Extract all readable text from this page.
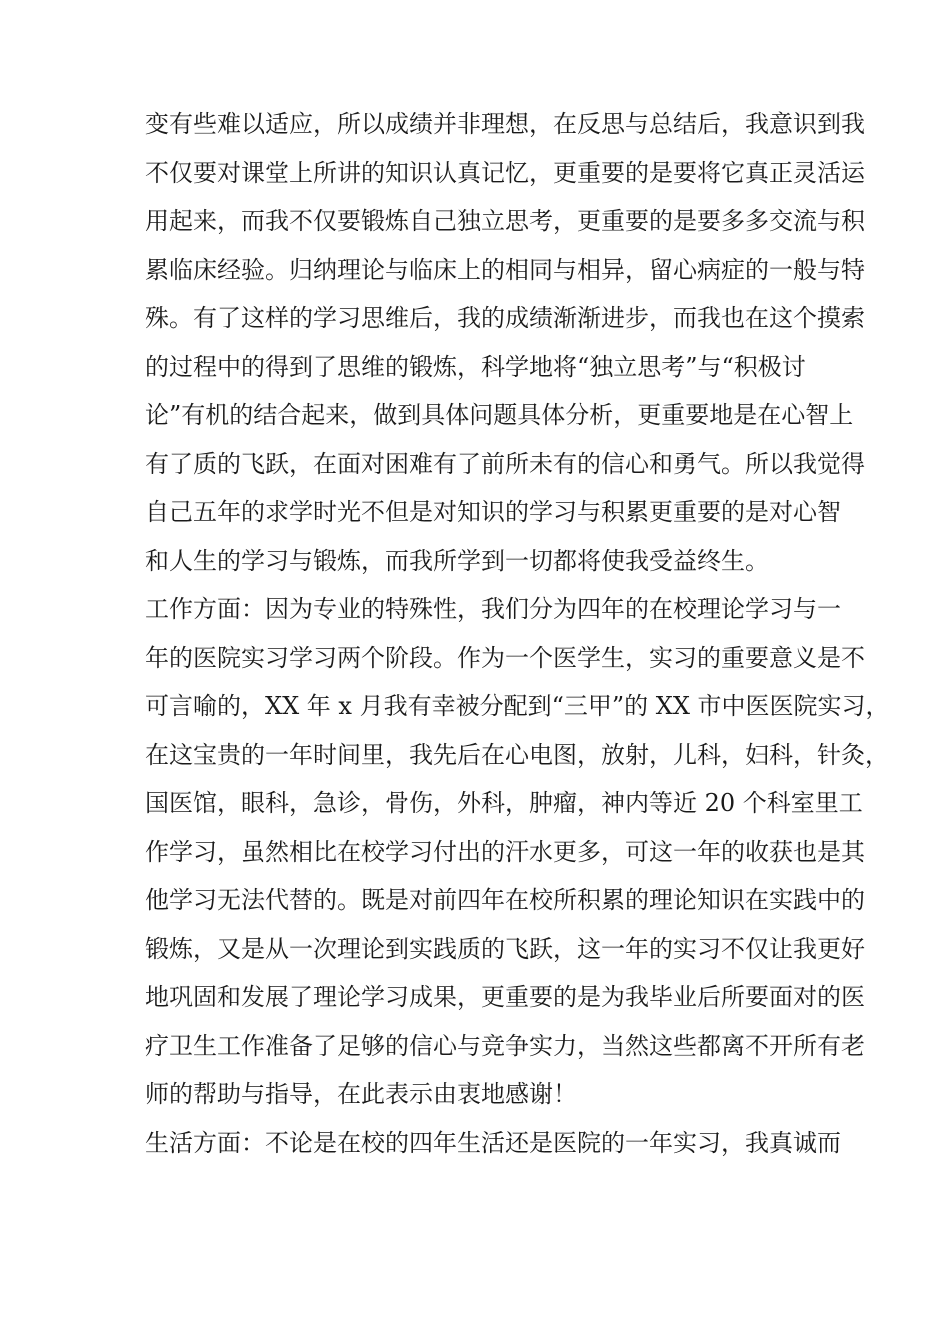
变有些难以适应，所以成绩并非理想，在反思与总结后，我意识到我
不仅要对课堂上所讲的知识认真记忆，更重要的是要将它真正灵活运
用起来，而我不仅要锻炼自己独立思考，更重要的是要多多交流与积
累临床经验。归纳理论与临床上的相同与相异，留心病症的一般与特
殊。有了这样的学习思维后，我的成绩渐渐进步，而我也在这个摸索
的过程中的得到了思维的锻炼，科学地将“独立思考”与“积极讨
论”有机的结合起来，做到具体问题具体分析，更重要地是在心智上
有了质的飞跃，在面对困难有了前所未有的信心和勇气。所以我觉得
自己五年的求学时光不但是对知识的学习与积累更重要的是对心智
和人生的学习与锻炼，而我所学到一切都将使我受益终生。
工作方面：因为专业的特殊性，我们分为四年的在校理论学习与一
年的医院实习学习两个阶段。作为一个医学生，实习的重要意义是不
可言喻的，XX 年 x 月我有幸被分配到“三甲”的 XX 市中医医院实习，
在这宝贵的一年时间里，我先后在心电图，放射，儿科，妇科，针灸，
国医馆，眼科，急诊，骨伤，外科，肿瘤，神内等近 20 个科室里工
作学习，虽然相比在校学习付出的汗水更多，可这一年的收获也是其
他学习无法代替的。既是对前四年在校所积累的理论知识在实践中的
锻炼，又是从一次理论到实践质的飞跃，这一年的实习不仅让我更好
地巩固和发展了理论学习成果，更重要的是为我毕业后所要面对的医
疗卫生工作准备了足够的信心与竞争实力，当然这些都离不开所有老
师的帮助与指导，在此表示由衷地感谢！
生活方面：不论是在校的四年生活还是医院的一年实习，我真诚而
